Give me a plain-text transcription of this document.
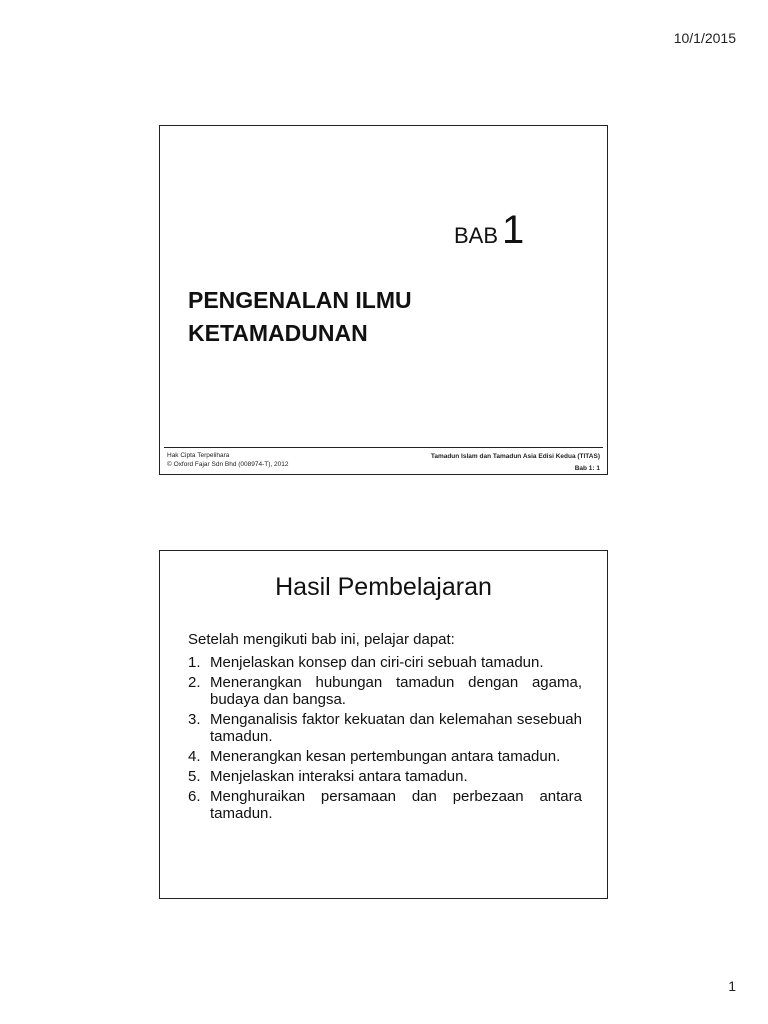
10/1/2015
BAB 1
PENGENALAN ILMU
KETAMADUNAN
Hak Cipta Terpelihara
© Oxford Fajar Sdn Bhd (008974-T), 2012
Tamadun Islam dan Tamadun Asia Edisi Kedua (TITAS)
Bab 1: 1
Hasil Pembelajaran

Setelah mengikuti bab ini, pelajar dapat:

1. Menjelaskan konsep dan ciri-ciri sebuah tamadun.
2. Menerangkan hubungan tamadun dengan agama, budaya dan bangsa.
3. Menganalisis faktor kekuatan dan kelemahan sesebuah tamadun.
4. Menerangkan kesan pertembungan antara tamadun.
5. Menjelaskan interaksi antara tamadun.
6. Menghuraikan persamaan dan perbezaan antara tamadun.
1
